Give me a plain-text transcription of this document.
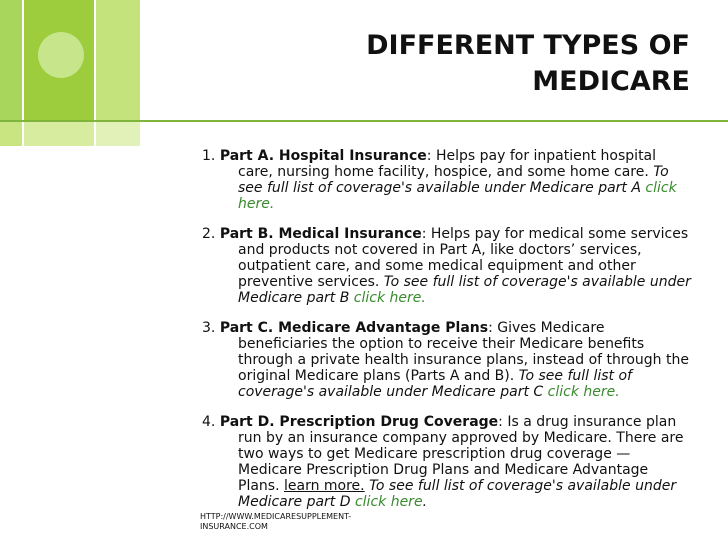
DIFFERENT TYPES OF
MEDICARE
1. Part A. Hospital Insurance: Helps pay for inpatient hospital care, nursing home facility, hospice, and some home care. To see full list of coverage's available under Medicare part A click here.
2. Part B. Medical Insurance: Helps pay for medical some services and products not covered in Part A, like doctors’ services, outpatient care, and some medical equipment and other preventive services. To see full list of coverage's available under Medicare part B click here.
3. Part C. Medicare Advantage Plans: Gives Medicare beneficiaries the option to receive their Medicare benefits through a private health insurance plans, instead of through the original Medicare plans (Parts A and B). To see full list of coverage's available under Medicare part C click here.
4. Part D. Prescription Drug Coverage: Is a drug insurance plan run by an insurance company approved by Medicare. There are two ways to get Medicare prescription drug coverage — Medicare Prescription Drug Plans and Medicare Advantage Plans. learn more. To see full list of coverage's available under Medicare part D click here.
HTTP://WWW.MEDICARESUPPLEMENT-
INSURANCE.COM
